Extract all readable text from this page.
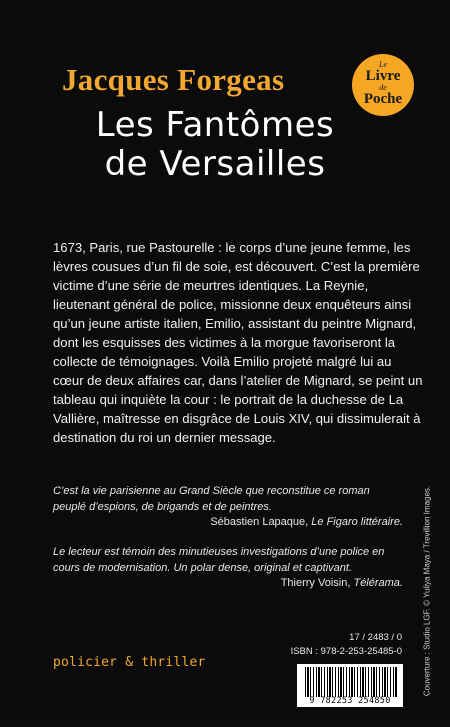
Jacques Forgeas
Les Fantômes
de Versailles
Le
Livre
de
Poche
1673, Paris, rue Pastourelle : le corps d’une jeune femme, les lèvres cousues d’un fil de soie, est découvert. C’est la première victime d’une série de meurtres identiques. La Reynie, lieutenant général de police, missionne deux enquêteurs ainsi qu’un jeune artiste italien, Emilio, assistant du peintre Mignard, dont les esquisses des victimes à la morgue favoriseront la collecte de témoignages. Voilà Emilio projeté malgré lui au cœur de deux affaires car, dans l’atelier de Mignard, se peint un tableau qui inquiète la cour : le portrait de la duchesse de La Vallière, maîtresse en disgrâce de Louis XIV, qui dissimulerait à destination du roi un dernier message.
C’est la vie parisienne au Grand Siècle que reconstitue ce roman peuplé d’espions, de brigands et de peintres.
Sébastien Lapaque, Le Figaro littéraire.
Le lecteur est témoin des minutieuses investigations d’une police en cours de modernisation. Un polar dense, original et captivant.
Thierry Voisin, Télérama. Couverture : Studio LGF. © Yuliya Maya / Trevillion Images.
17 / 2483 / 0
ISBN : 978-2-253-25485-0
policier & thriller
9 782253 254850
